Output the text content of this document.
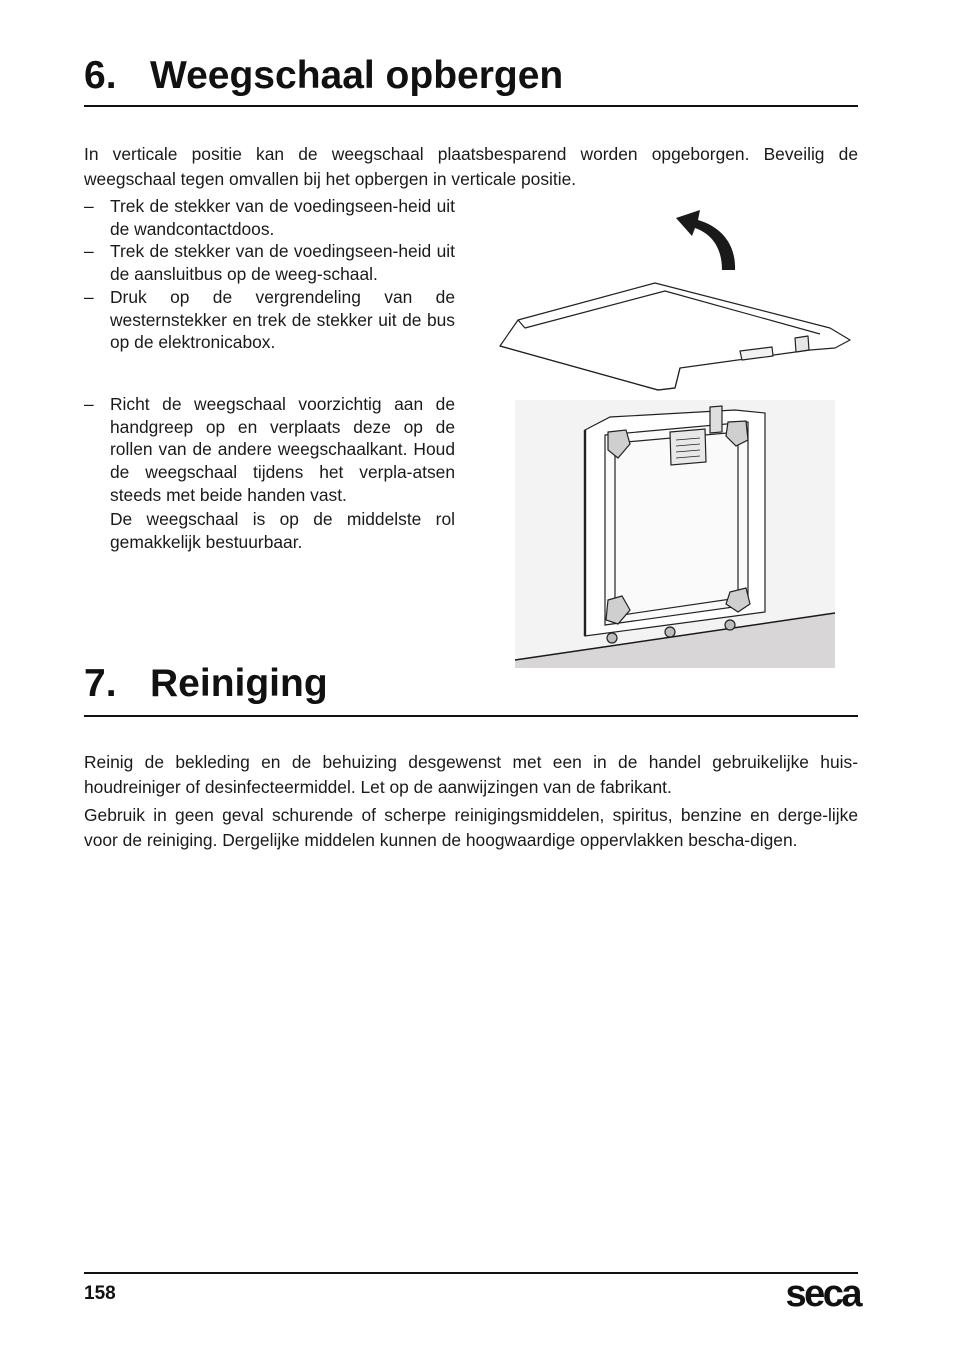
6. Weegschaal opbergen

In verticale positie kan de weegschaal plaatsbesparend worden opgeborgen. Beveilig de weegschaal tegen omvallen bij het opbergen in verticale positie.

– Trek de stekker van de voedingseen-heid uit de wandcontactdoos.
– Trek de stekker van de voedingseen-heid uit de aansluitbus op de weeg-schaal.
– Druk op de vergrendeling van de westernstekker en trek de stekker uit de bus op de elektronicabox.
– Richt de weegschaal voorzichtig aan de handgreep op en verplaats deze op de rollen van de andere weegschaalkant. Houd de weegschaal tijdens het verpla-atsen steeds met beide handen vast.

De weegschaal is op de middelste rol gemakkelijk bestuurbaar.

7. Reiniging

Reinig de bekleding en de behuizing desgewenst met een in de handel gebruikelijke huis-houdreiniger of desinfecteermiddel. Let op de aanwijzingen van de fabrikant.

Gebruik in geen geval schurende of scherpe reinigingsmiddelen, spiritus, benzine en derge-lijke voor de reiniging. Dergelijke middelen kunnen de hoogwaardige oppervlakken bescha-digen.

158	seca
